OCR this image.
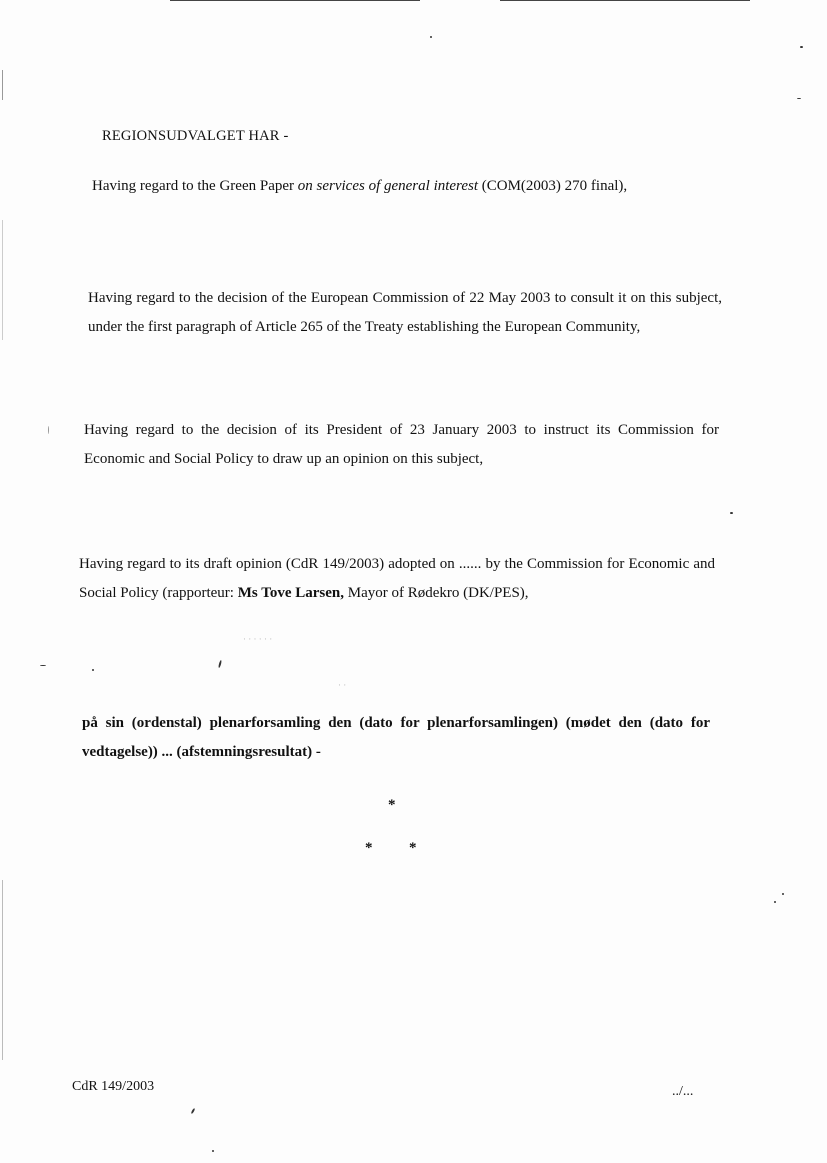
REGIONSUDVALGET HAR -

Having regard to the Green Paper on services of general interest (COM(2003) 270 final),

Having regard to the decision of the European Commission of 22 May 2003 to consult it on this subject, under the first paragraph of Article 265 of the Treaty establishing the European Community,

Having regard to the decision of its President of 23 January 2003 to instruct its Commission for Economic and Social Policy to draw up an opinion on this subject,

Having regard to its draft opinion (CdR 149/2003) adopted on ...... by the Commission for Economic and Social Policy (rapporteur: Ms Tove Larsen, Mayor of Rødekro (DK/PES),

· · · · · ·
· ·

på sin (ordenstal) plenarforsamling den (dato for plenarforsamlingen) (mødet den (dato for vedtagelse)) ... (afstemningsresultat) -

*
* *
CdR 149/2003	../...
